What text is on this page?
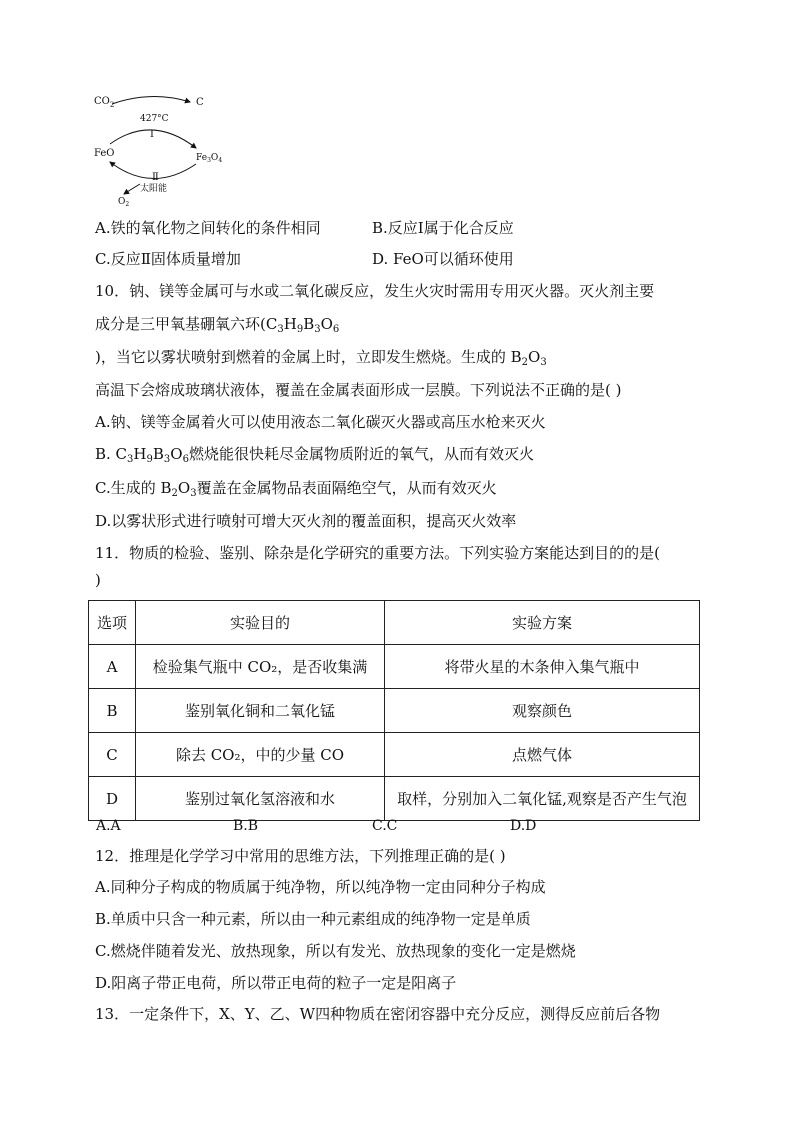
$CO_2$
427°C
C
Ⅰ
FeO	$Fe_3O_4$
Ⅱ
太阳能
$O_2$
A.铁的氧化物之间转化的条件相同	B.反应Ⅰ属于化合反应
C.反应Ⅱ固体质量增加	D. FeO可以循环使用
10．钠、镁等金属可与水或二氧化碳反应，发生火灾时需用专用灭火器。灭火剂主要
成分是三甲氧基硼氧六环($C_3H_9B_3O_6$
)，当它以雾状喷射到燃着的金属上时，立即发生燃烧。生成的 $B_2O_3$
高温下会熔成玻璃状液体，覆盖在金属表面形成一层膜。下列说法不正确的是( )
A.钠、镁等金属着火可以使用液态二氧化碳灭火器或高压水枪来灭火
B. $C_3H_9B_3O_6$燃烧能很快耗尽金属物质附近的氧气，从而有效灭火
C.生成的 $B_2O_3$覆盖在金属物品表面隔绝空气，从而有效灭火
D.以雾状形式进行喷射可增大灭火剂的覆盖面积，提高灭火效率
11．物质的检验、鉴别、除杂是化学研究的重要方法。下列实验方案能达到目的的是(
)
选项	实验目的	实验方案
A	检验集气瓶中 CO₂，是否收集满	将带火星的木条伸入集气瓶中
B	鉴别氧化铜和二氧化锰	观察颜色
C	除去 CO₂，中的少量 CO	点燃气体
D	鉴别过氧化氢溶液和水	取样，分别加入二氧化锰,观察是否产生气泡
A.A	B.B	C.C	D.D
12．推理是化学学习中常用的思维方法，下列推理正确的是( )
A.同种分子构成的物质属于纯净物，所以纯净物一定由同种分子构成
B.单质中只含一种元素，所以由一种元素组成的纯净物一定是单质
C.燃烧伴随着发光、放热现象，所以有发光、放热现象的变化一定是燃烧
D.阳离子带正电荷，所以带正电荷的粒子一定是阳离子
13．一定条件下，X、Y、乙、W四种物质在密闭容器中充分反应，测得反应前后各物
